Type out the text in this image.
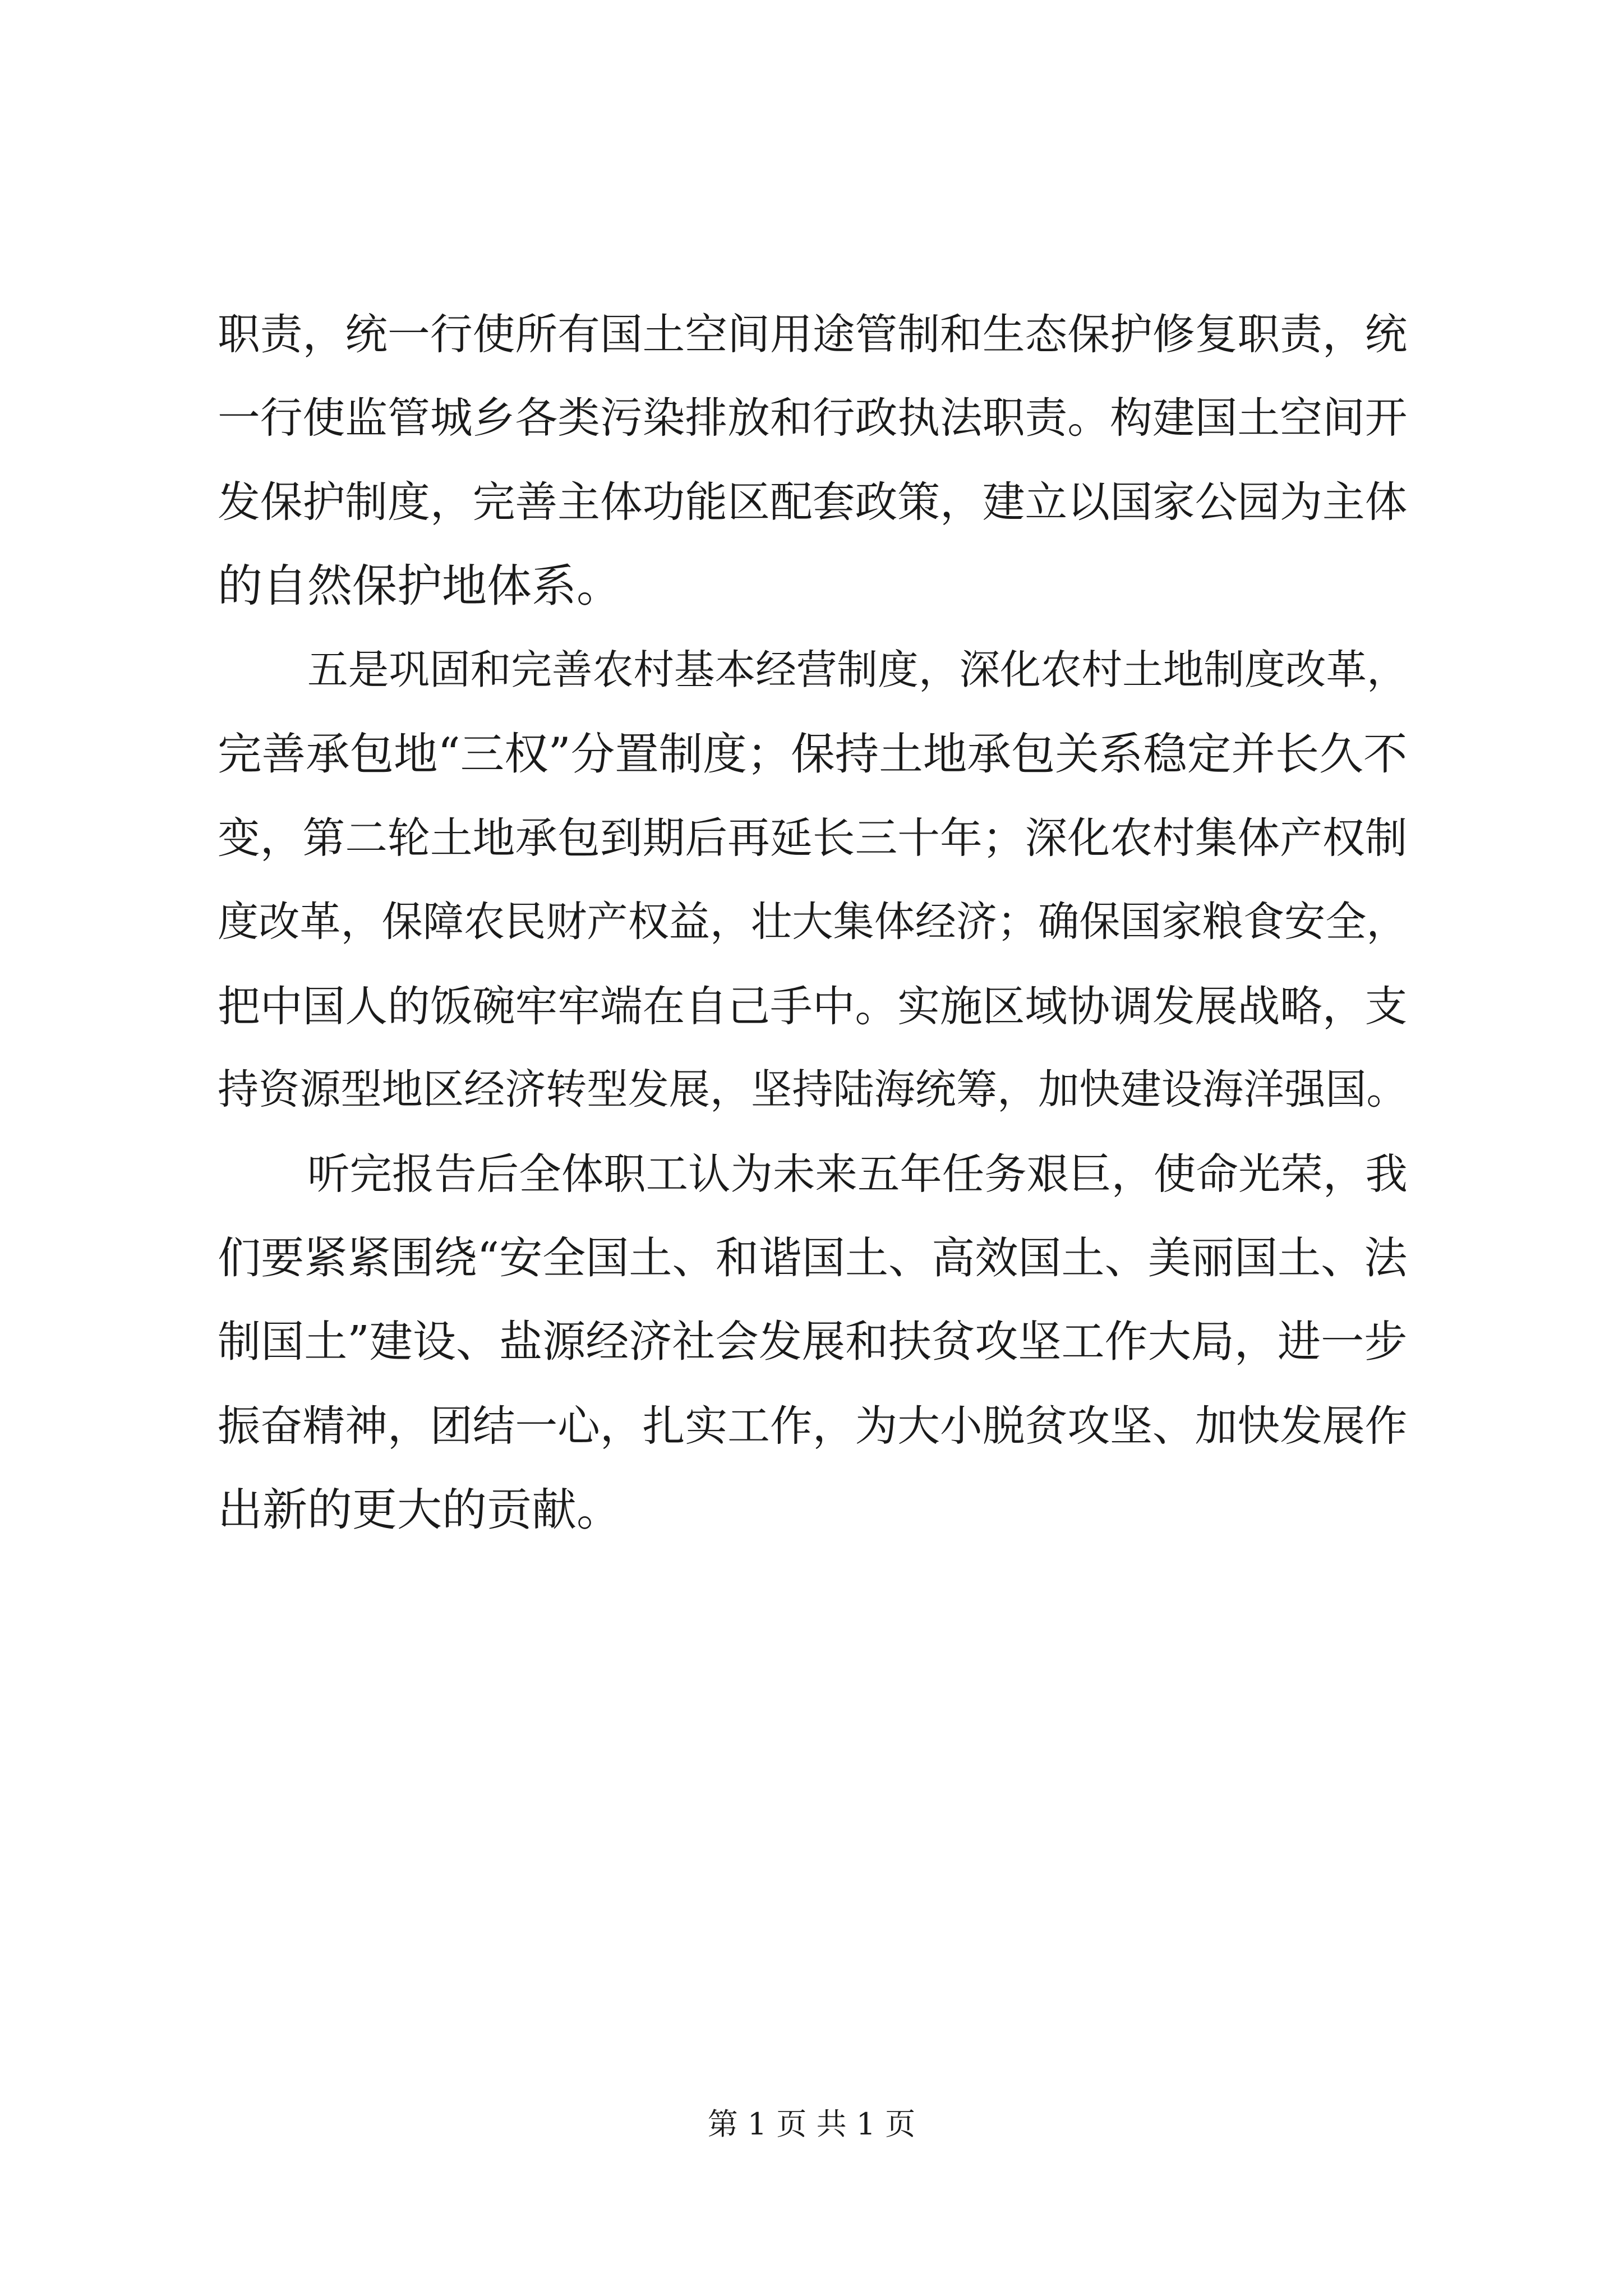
职责，统一行使所有国土空间用途管制和生态保护修复职责，统
一行使监管城乡各类污染排放和行政执法职责。构建国土空间开
发保护制度，完善主体功能区配套政策，建立以国家公园为主体
的自然保护地体系。
五是巩固和完善农村基本经营制度，深化农村土地制度改革，
完善承包地“三权”分置制度；保持土地承包关系稳定并长久不
变，第二轮土地承包到期后再延长三十年；深化农村集体产权制
度改革，保障农民财产权益，壮大集体经济；确保国家粮食安全，
把中国人的饭碗牢牢端在自己手中。实施区域协调发展战略，支
持资源型地区经济转型发展，坚持陆海统筹，加快建设海洋强国。
听完报告后全体职工认为未来五年任务艰巨，使命光荣，我
们要紧紧围绕“安全国土、和谐国土、高效国土、美丽国土、法
制国土”建设、盐源经济社会发展和扶贫攻坚工作大局，进一步
振奋精神，团结一心，扎实工作，为大小脱贫攻坚、加快发展作
出新的更大的贡献。
第 1 页 共 1 页
